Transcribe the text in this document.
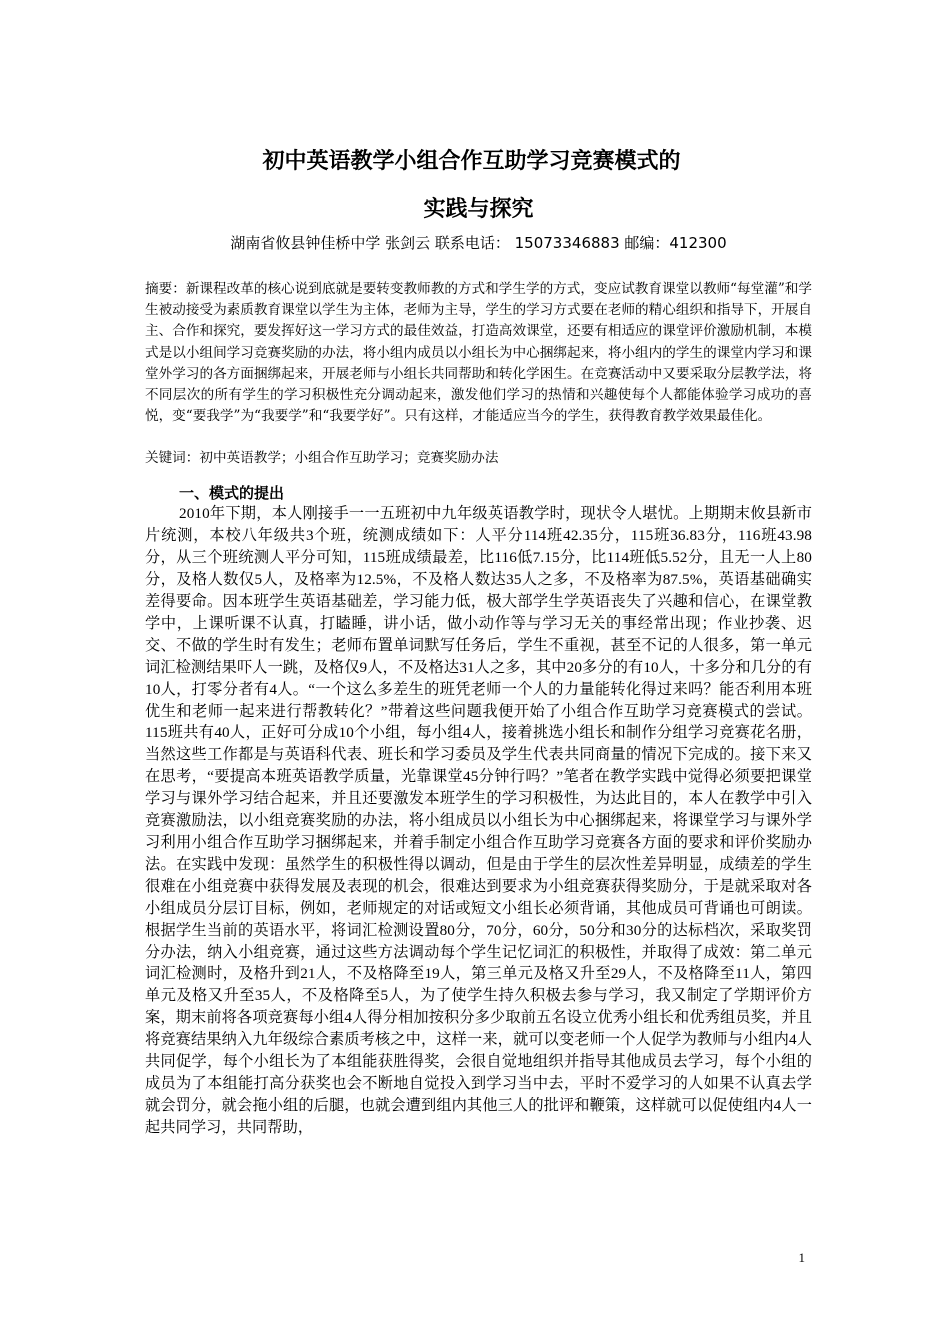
初中英语教学小组合作互助学习竞赛模式的
实践与探究
湖南省攸县钟佳桥中学 张剑云 联系电话： 15073346883 邮编：412300
摘要：新课程改革的核心说到底就是要转变教师教的方式和学生学的方式，变应试教育课堂以教师“每堂灌”和学生被动接受为素质教育课堂以学生为主体，老师为主导，学生的学习方式要在老师的精心组织和指导下，开展自主、合作和探究，要发挥好这一学习方式的最佳效益，打造高效课堂，还要有相适应的课堂评价激励机制，本模式是以小组间学习竞赛奖励的办法，将小组内成员以小组长为中心捆绑起来，将小组内的学生的课堂内学习和课堂外学习的各方面捆绑起来，开展老师与小组长共同帮助和转化学困生。在竞赛活动中又要采取分层教学法，将不同层次的所有学生的学习积极性充分调动起来，激发他们学习的热情和兴趣使每个人都能体验学习成功的喜悦，变“要我学”为“我要学”和“我要学好”。只有这样，才能适应当今的学生，获得教育教学效果最佳化。
关键词：初中英语教学；小组合作互助学习；竞赛奖励办法
一、模式的提出
2010年下期，本人刚接手一一五班初中九年级英语教学时，现状令人堪忧。上期期末攸县新市片统测，本校八年级共3个班，统测成绩如下：人平分114班42.35分，115班36.83分，116班43.98分，从三个班统测人平分可知，115班成绩最差，比116低7.15分，比114班低5.52分，且无一人上80分，及格人数仅5人，及格率为12.5%，不及格人数达35人之多，不及格率为87.5%，英语基础确实差得要命。因本班学生英语基础差，学习能力低，极大部学生学英语丧失了兴趣和信心，在课堂教学中，上课听课不认真，打瞌睡，讲小话，做小动作等与学习无关的事经常出现；作业抄袭、迟交、不做的学生时有发生；老师布置单词默写任务后，学生不重视，甚至不记的人很多，第一单元词汇检测结果吓人一跳，及格仅9人，不及格达31人之多，其中20多分的有10人，十多分和几分的有10人，打零分者有4人。“一个这么多差生的班凭老师一个人的力量能转化得过来吗？能否利用本班优生和老师一起来进行帮教转化？”带着这些问题我便开始了小组合作互助学习竞赛模式的尝试。115班共有40人，正好可分成10个小组，每小组4人，接着挑选小组长和制作分组学习竞赛花名册，当然这些工作都是与英语科代表、班长和学习委员及学生代表共同商量的情况下完成的。接下来又在思考，“要提高本班英语教学质量，光靠课堂45分钟行吗？”笔者在教学实践中觉得必须要把课堂学习与课外学习结合起来，并且还要激发本班学生的学习积极性，为达此目的，本人在教学中引入竞赛激励法，以小组竞赛奖励的办法，将小组成员以小组长为中心捆绑起来，将课堂学习与课外学习利用小组合作互助学习捆绑起来，并着手制定小组合作互助学习竞赛各方面的要求和评价奖励办法。在实践中发现：虽然学生的积极性得以调动，但是由于学生的层次性差异明显，成绩差的学生很难在小组竞赛中获得发展及表现的机会，很难达到要求为小组竞赛获得奖励分，于是就采取对各小组成员分层订目标，例如，老师规定的对话或短文小组长必须背诵，其他成员可背诵也可朗读。根据学生当前的英语水平，将词汇检测设置80分，70分，60分，50分和30分的达标档次，采取奖罚分办法，纳入小组竞赛，通过这些方法调动每个学生记忆词汇的积极性，并取得了成效：第二单元词汇检测时，及格升到21人，不及格降至19人，第三单元及格又升至29人，不及格降至11人，第四单元及格又升至35人，不及格降至5人，为了使学生持久积极去参与学习，我又制定了学期评价方案，期末前将各项竞赛每小组4人得分相加按积分多少取前五名设立优秀小组长和优秀组员奖，并且将竞赛结果纳入九年级综合素质考核之中，这样一来，就可以变老师一个人促学为教师与小组内4人共同促学，每个小组长为了本组能获胜得奖，会很自觉地组织并指导其他成员去学习，每个小组的成员为了本组能打高分获奖也会不断地自觉投入到学习当中去，平时不爱学习的人如果不认真去学就会罚分，就会拖小组的后腿，也就会遭到组内其他三人的批评和鞭策，这样就可以促使组内4人一起共同学习，共同帮助，
1
